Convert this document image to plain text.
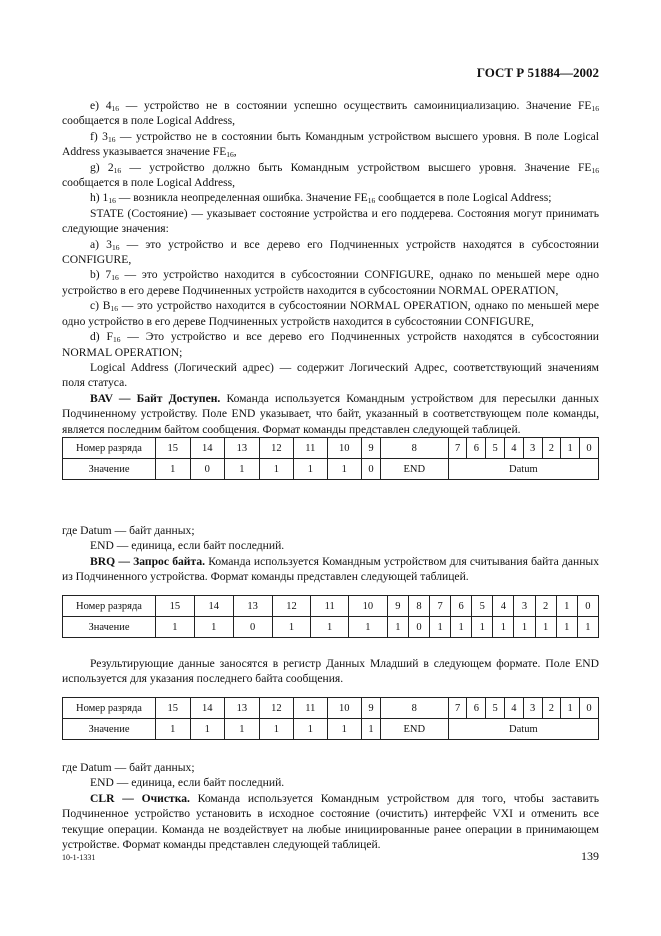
ГОСТ Р 51884—2002

e) $4_{16}$ — устройство не в состоянии успешно осуществить самоинициализацию. Значение $FE_{16}$ сообщается в поле Logical Address,

f) $3_{16}$ — устройство не в состоянии быть Командным устройством высшего уровня. В поле Logical Address указывается значение $FE_{16}$,

g) $2_{16}$ — устройство должно быть Командным устройством высшего уровня. Значение $FE_{16}$ сообщается в поле Logical Address,

h) $1_{16}$ — возникла неопределенная ошибка. Значение $FE_{16}$ сообщается в поле Logical Address;

STATE (Состояние) — указывает состояние устройства и его поддерева. Состояния могут принимать следующие значения:

a) $3_{16}$ — это устройство и все дерево его Подчиненных устройств находятся в субсостоянии CONFIGURE,

b) $7_{16}$ — это устройство находится в субсостоянии CONFIGURE, однако по меньшей мере одно устройство в его дереве Подчиненных устройств находится в субсостоянии NORMAL OPERATION,

c) $B_{16}$ — это устройство находится в субсостоянии NORMAL OPERATION, однако по меньшей мере одно устройство в его дереве Подчиненных устройств находится в субсостоянии CONFIGURE,

d) $F_{16}$ — Это устройство и все дерево его Подчиненных устройств находятся в субсостоянии NORMAL OPERATION;

Logical Address (Логический адрес) — содержит Логический Адрес, соответствующий значениям поля статуса.

BAV — Байт Доступен. Команда используется Командным устройством для пересылки данных Подчиненному устройству. Поле END указывает, что байт, указанный в соответствующем поле команды, является последним байтом сообщения. Формат команды представлен следующей таблицей.

Номер разряда	15	14	13	12	11	10	9	8	7	6	5	4	3	2	1	0
Значение	1	0	1	1	1	1	0	END	Datum							

где Datum — байт данных;

END — единица, если байт последний.

BRQ — Запрос байта. Команда используется Командным устройством для считывания байта данных из Подчиненного устройства. Формат команды представлен следующей таблицей.

Номер разряда	15	14	13	12	11	10	9	8	7	6	5	4	3	2	1	0
Значение	1	1	0	1	1	1	1	0	1	1	1	1	1	1	1	1

Результирующие данные заносятся в регистр Данных Младший в следующем формате. Поле END используется для указания последнего байта сообщения.

Номер разряда	15	14	13	12	11	10	9	8	7	6	5	4	3	2	1	0
Значение	1	1	1	1	1	1	1	END	Datum							

где Datum — байт данных;

END — единица, если байт последний.

CLR — Очистка. Команда используется Командным устройством для того, чтобы заставить Подчиненное устройство установить в исходное состояние (очистить) интерфейс VXI и отменить все текущие операции. Команда не воздействует на любые инициированные ранее операции в принимающем устройстве. Формат команды представлен следующей таблицей.

10-1-1331	139
